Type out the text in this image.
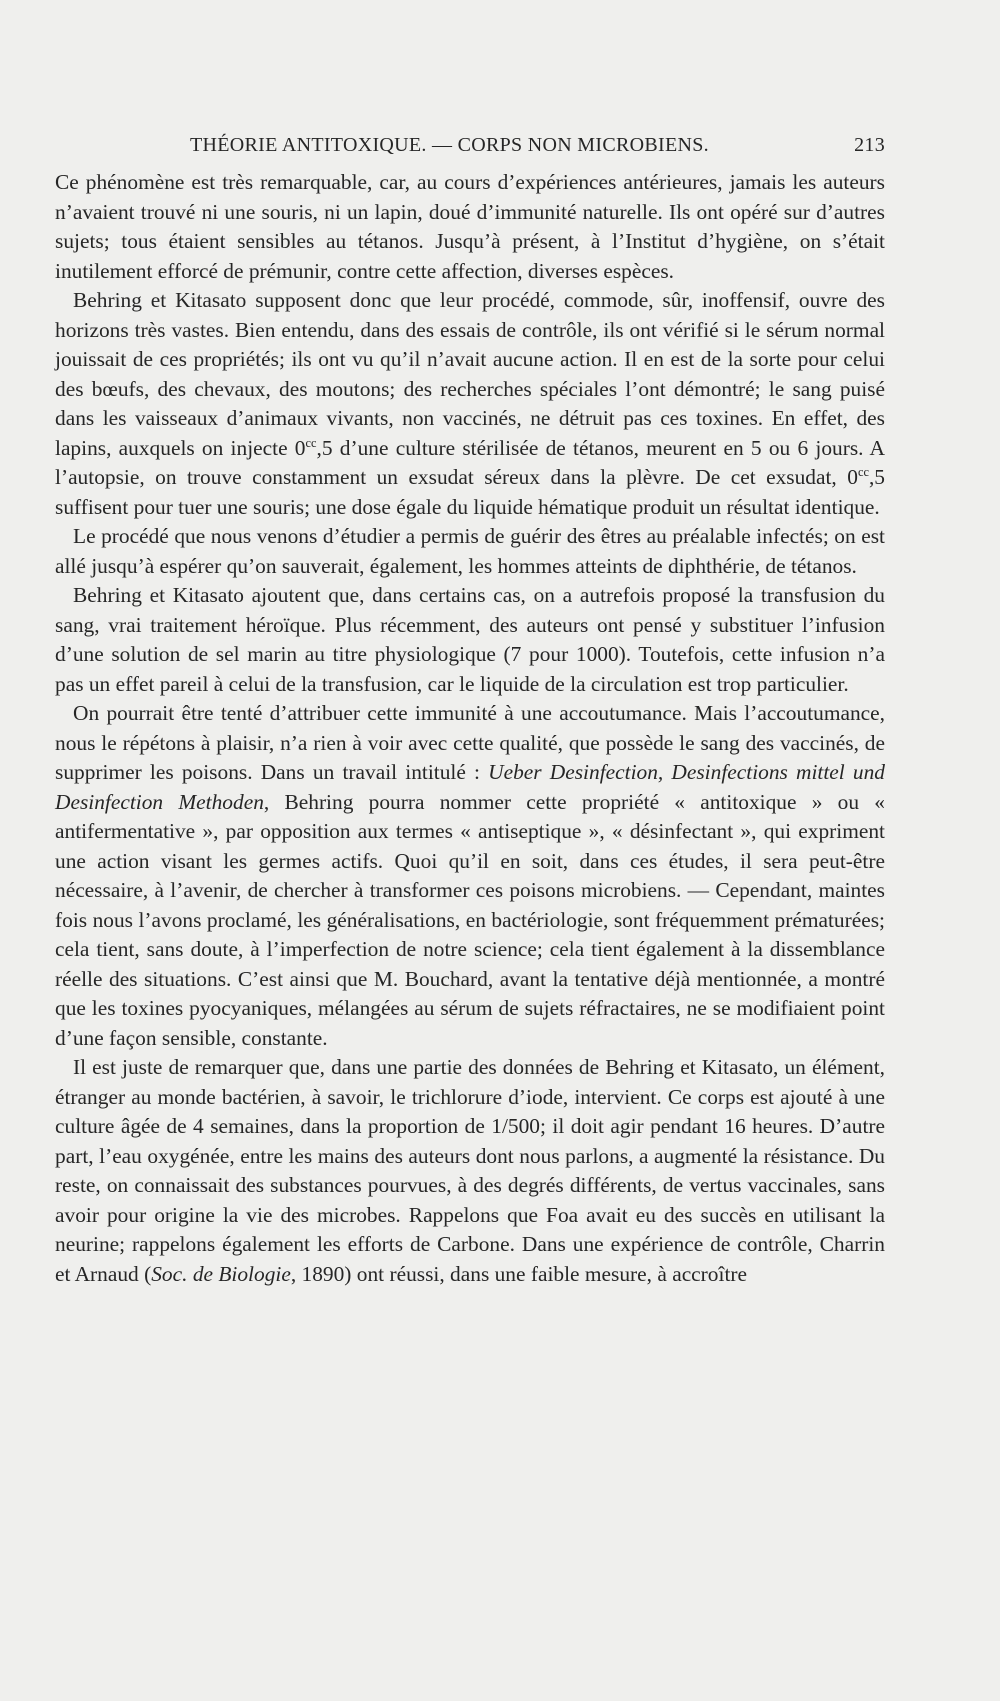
THÉORIE ANTITOXIQUE. — CORPS NON MICROBIENS.	213

Ce phénomène est très remarquable, car, au cours d’expériences antérieures, jamais les auteurs n’avaient trouvé ni une souris, ni un lapin, doué d’immunité naturelle. Ils ont opéré sur d’autres sujets; tous étaient sensibles au tétanos. Jusqu’à présent, à l’Institut d’hygiène, on s’était inutilement efforcé de prémunir, contre cette affection, diverses espèces.

Behring et Kitasato supposent donc que leur procédé, commode, sûr, inoffensif, ouvre des horizons très vastes. Bien entendu, dans des essais de contrôle, ils ont vérifié si le sérum normal jouissait de ces propriétés; ils ont vu qu’il n’avait aucune action. Il en est de la sorte pour celui des bœufs, des chevaux, des moutons; des recherches spéciales l’ont démontré; le sang puisé dans les vaisseaux d’animaux vivants, non vaccinés, ne détruit pas ces toxines. En effet, des lapins, auxquels on injecte $0^{cc},5$ d’une culture stérilisée de tétanos, meurent en 5 ou 6 jours. A l’autopsie, on trouve constamment un exsudat séreux dans la plèvre. De cet exsudat, $0^{cc},5$ suffisent pour tuer une souris; une dose égale du liquide hématique produit un résultat identique.

Le procédé que nous venons d’étudier a permis de guérir des êtres au préalable infectés; on est allé jusqu’à espérer qu’on sauverait, également, les hommes atteints de diphthérie, de tétanos.

Behring et Kitasato ajoutent que, dans certains cas, on a autrefois proposé la transfusion du sang, vrai traitement héroïque. Plus récemment, des auteurs ont pensé y substituer l’infusion d’une solution de sel marin au titre physiologique (7 pour 1000). Toutefois, cette infusion n’a pas un effet pareil à celui de la transfusion, car le liquide de la circulation est trop particulier.

On pourrait être tenté d’attribuer cette immunité à une accoutumance. Mais l’accoutumance, nous le répétons à plaisir, n’a rien à voir avec cette qualité, que possède le sang des vaccinés, de supprimer les poisons. Dans un travail intitulé : Ueber Desinfection, Desinfections mittel und Desinfection Methoden, Behring pourra nommer cette propriété « antitoxique » ou « antifermentative », par opposition aux termes « antiseptique », « désinfectant », qui expriment une action visant les germes actifs. Quoi qu’il en soit, dans ces études, il sera peut-être nécessaire, à l’avenir, de chercher à transformer ces poisons microbiens. — Cependant, maintes fois nous l’avons proclamé, les généralisations, en bactériologie, sont fréquemment prématurées; cela tient, sans doute, à l’imperfection de notre science; cela tient également à la dissemblance réelle des situations. C’est ainsi que M. Bouchard, avant la tentative déjà mentionnée, a montré que les toxines pyocyaniques, mélangées au sérum de sujets réfractaires, ne se modifiaient point d’une façon sensible, constante.

Il est juste de remarquer que, dans une partie des données de Behring et Kitasato, un élément, étranger au monde bactérien, à savoir, le trichlorure d’iode, intervient. Ce corps est ajouté à une culture âgée de 4 semaines, dans la proportion de 1/500; il doit agir pendant 16 heures. D’autre part, l’eau oxygénée, entre les mains des auteurs dont nous parlons, a augmenté la résistance. Du reste, on connaissait des substances pourvues, à des degrés différents, de vertus vaccinales, sans avoir pour origine la vie des microbes. Rappelons que Foa avait eu des succès en utilisant la neurine; rappelons également les efforts de Carbone. Dans une expérience de contrôle, Charrin et Arnaud (Soc. de Biologie, 1890) ont réussi, dans une faible mesure, à accroître
